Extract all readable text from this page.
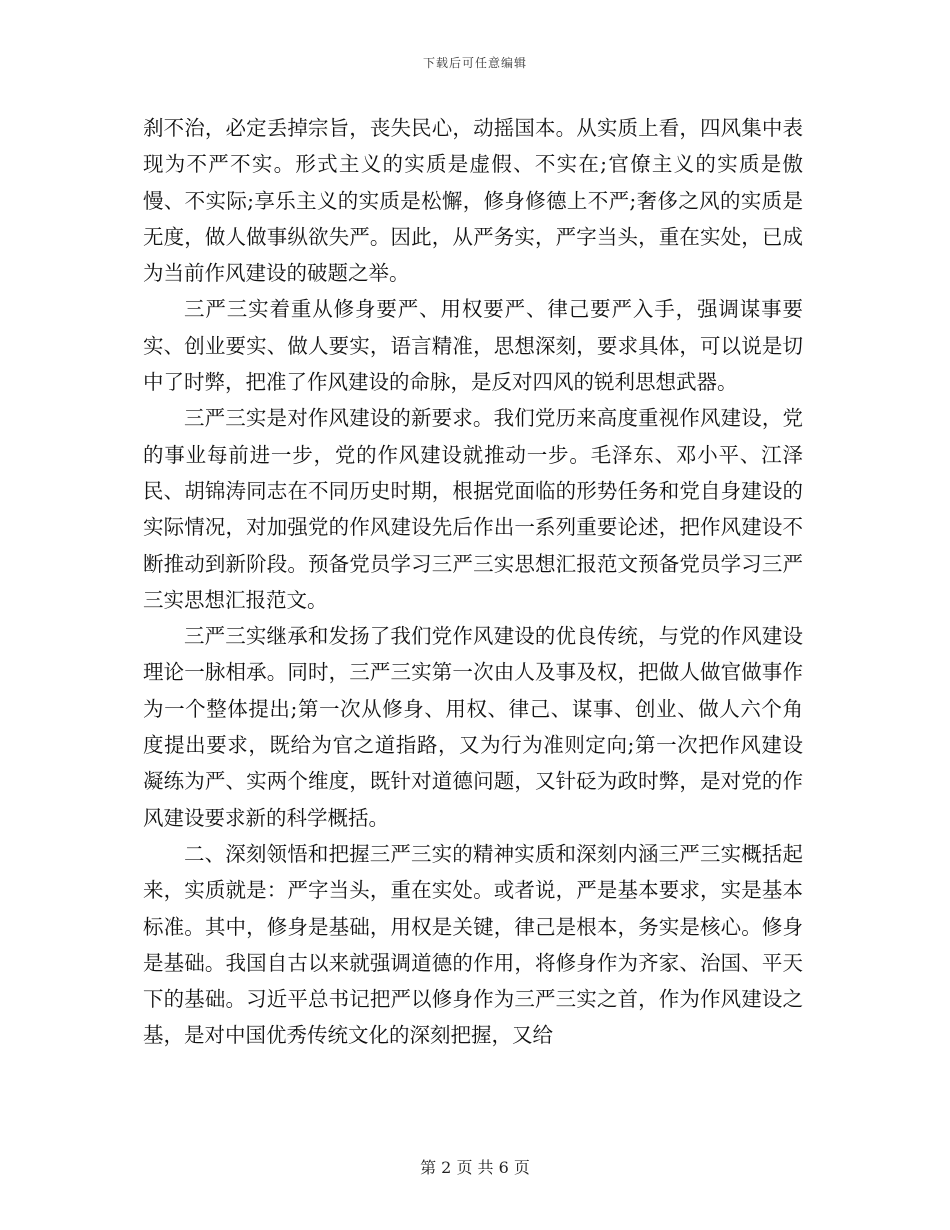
下载后可任意编辑

刹不治，必定丢掉宗旨，丧失民心，动摇国本。从实质上看，四风集中表现为不严不实。形式主义的实质是虚假、不实在;官僚主义的实质是傲慢、不实际;享乐主义的实质是松懈，修身修德上不严;奢侈之风的实质是无度，做人做事纵欲失严。因此，从严务实，严字当头，重在实处，已成为当前作风建设的破题之举。

三严三实着重从修身要严、用权要严、律己要严入手，强调谋事要实、创业要实、做人要实，语言精准，思想深刻，要求具体，可以说是切中了时弊，把准了作风建设的命脉，是反对四风的锐利思想武器。

三严三实是对作风建设的新要求。我们党历来高度重视作风建设，党的事业每前进一步，党的作风建设就推动一步。毛泽东、邓小平、江泽民、胡锦涛同志在不同历史时期，根据党面临的形势任务和党自身建设的实际情况，对加强党的作风建设先后作出一系列重要论述，把作风建设不断推动到新阶段。预备党员学习三严三实思想汇报范文预备党员学习三严三实思想汇报范文。

三严三实继承和发扬了我们党作风建设的优良传统，与党的作风建设理论一脉相承。同时，三严三实第一次由人及事及权，把做人做官做事作为一个整体提出;第一次从修身、用权、律己、谋事、创业、做人六个角度提出要求，既给为官之道指路，又为行为准则定向;第一次把作风建设凝练为严、实两个维度，既针对道德问题，又针砭为政时弊，是对党的作风建设要求新的科学概括。

二、深刻领悟和把握三严三实的精神实质和深刻内涵三严三实概括起来，实质就是：严字当头，重在实处。或者说，严是基本要求，实是基本标准。其中，修身是基础，用权是关键，律己是根本，务实是核心。修身是基础。我国自古以来就强调道德的作用，将修身作为齐家、治国、平天下的基础。习近平总书记把严以修身作为三严三实之首，作为作风建设之基，是对中国优秀传统文化的深刻把握，又给

第 2 页 共 6 页
